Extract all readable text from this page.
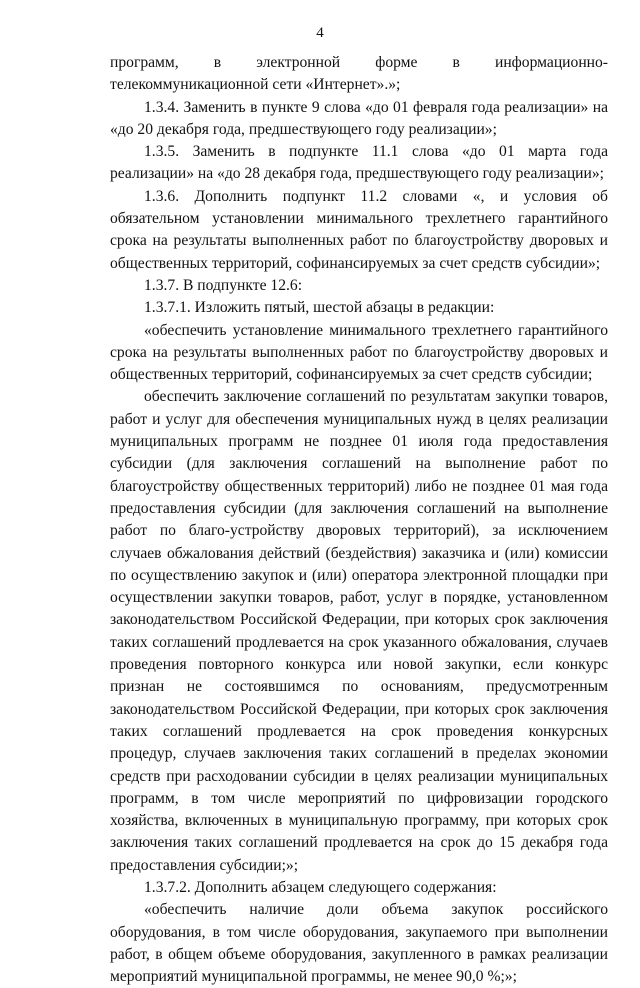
4

программ, в электронной форме в информационно-телекоммуникационной сети «Интернет».»;

1.3.4. Заменить в пункте 9 слова «до 01 февраля года реализации» на «до 20 декабря года, предшествующего году реализации»;

1.3.5. Заменить в подпункте 11.1 слова «до 01 марта года реализации» на «до 28 декабря года, предшествующего году реализации»;

1.3.6. Дополнить подпункт 11.2 словами «, и условия об обязательном установлении минимального трехлетнего гарантийного срока на результаты выполненных работ по благоустройству дворовых и общественных территорий, софинансируемых за счет средств субсидии»;

1.3.7. В подпункте 12.6:

1.3.7.1. Изложить пятый, шестой абзацы в редакции:

«обеспечить установление минимального трехлетнего гарантийного срока на результаты выполненных работ по благоустройству дворовых и общественных территорий, софинансируемых за счет средств субсидии;

обеспечить заключение соглашений по результатам закупки товаров, работ и услуг для обеспечения муниципальных нужд в целях реализации муниципальных программ не позднее 01 июля года предоставления субсидии (для заключения соглашений на выполнение работ по благоустройству общественных территорий) либо не позднее 01 мая года предоставления субсидии (для заключения соглашений на выполнение работ по благо-устройству дворовых территорий), за исключением случаев обжалования действий (бездействия) заказчика и (или) комиссии по осуществлению закупок и (или) оператора электронной площадки при осуществлении закупки товаров, работ, услуг в порядке, установленном законодательством Российской Федерации, при которых срок заключения таких соглашений продлевается на срок указанного обжалования, случаев проведения повторного конкурса или новой закупки, если конкурс признан не состоявшимся по основаниям, предусмотренным законодательством Российской Федерации, при которых срок заключения таких соглашений продлевается на срок проведения конкурсных процедур, случаев заключения таких соглашений в пределах экономии средств при расходовании субсидии в целях реализации муниципальных программ, в том числе мероприятий по цифровизации городского хозяйства, включенных в муниципальную программу, при которых срок заключения таких соглашений продлевается на срок до 15 декабря года предоставления субсидии;»;

1.3.7.2. Дополнить абзацем следующего содержания:

«обеспечить наличие доли объема закупок российского оборудования, в том числе оборудования, закупаемого при выполнении работ, в общем объеме оборудования, закупленного в рамках реализации мероприятий муниципальной программы, не менее 90,0 %;»;
